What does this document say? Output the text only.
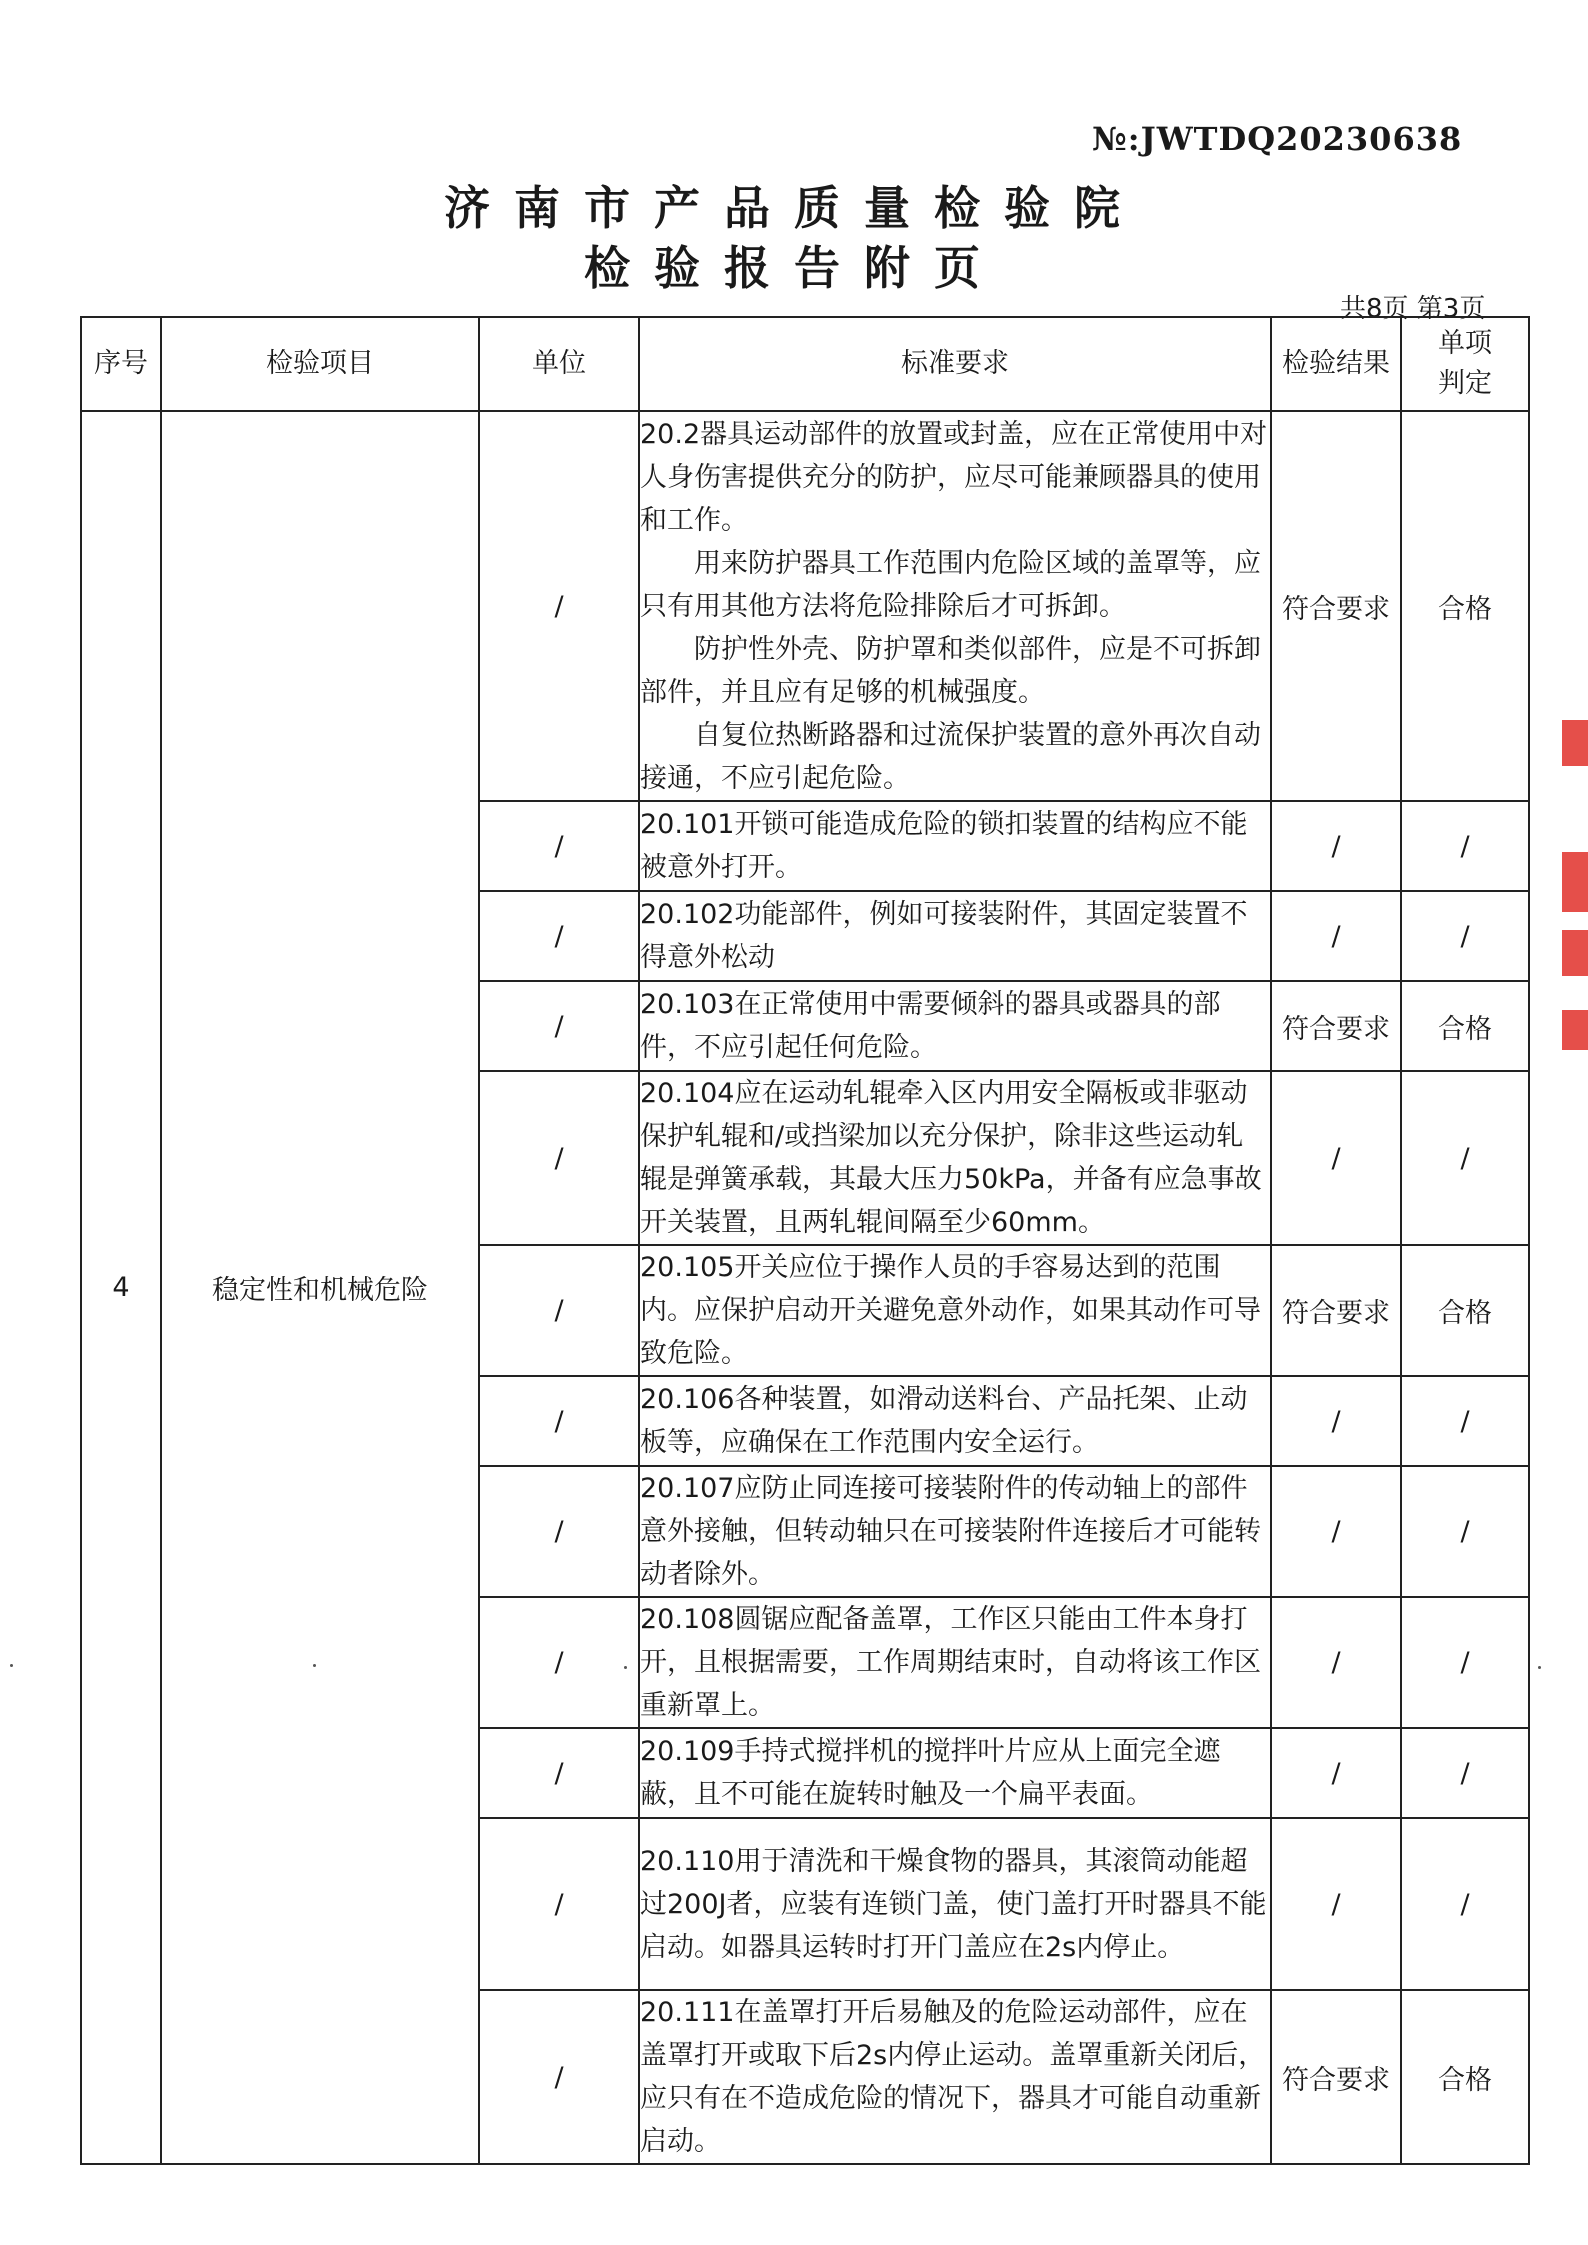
№:JWTDQ20230638
济南市产品质量检验院
检验报告附页
共8页 第3页
序号	检验项目	单位	标准要求	检验结果	单项判定
4	稳定性和机械危险	/	20.2器具运动部件的放置或封盖，应在正常使用中对人身伤害提供充分的防护，应尽可能兼顾器具的使用和工作。
用来防护器具工作范围内危险区域的盖罩等，应只有用其他方法将危险排除后才可拆卸。
防护性外壳、防护罩和类似部件，应是不可拆卸部件，并且应有足够的机械强度。
自复位热断路器和过流保护装置的意外再次自动接通，不应引起危险。	符合要求	合格
		/	20.101开锁可能造成危险的锁扣装置的结构应不能被意外打开。	/	/
		/	20.102功能部件，例如可接装附件，其固定装置不得意外松动	/	/
		/	20.103在正常使用中需要倾斜的器具或器具的部件，不应引起任何危险。	符合要求	合格
		/	20.104应在运动轧辊牵入区内用安全隔板或非驱动保护轧辊和/或挡梁加以充分保护，除非这些运动轧辊是弹簧承载，其最大压力50kPa，并备有应急事故开关装置，且两轧辊间隔至少60mm。	/	/
		/	20.105开关应位于操作人员的手容易达到的范围内。应保护启动开关避免意外动作，如果其动作可导致危险。	符合要求	合格
		/	20.106各种装置，如滑动送料台、产品托架、止动板等，应确保在工作范围内安全运行。	/	/
		/	20.107应防止同连接可接装附件的传动轴上的部件意外接触，但转动轴只在可接装附件连接后才可能转动者除外。	/	/
		/	20.108圆锯应配备盖罩，工作区只能由工件本身打开，且根据需要，工作周期结束时，自动将该工作区重新罩上。	/	/
		/	20.109手持式搅拌机的搅拌叶片应从上面完全遮蔽，且不可能在旋转时触及一个扁平表面。	/	/
		/	20.110用于清洗和干燥食物的器具，其滚筒动能超过200J者，应装有连锁门盖，使门盖打开时器具不能启动。如器具运转时打开门盖应在2s内停止。	/	/
		/	20.111在盖罩打开后易触及的危险运动部件，应在盖罩打开或取下后2s内停止运动。盖罩重新关闭后，应只有在不造成危险的情况下，器具才可能自动重新启动。	符合要求	合格
